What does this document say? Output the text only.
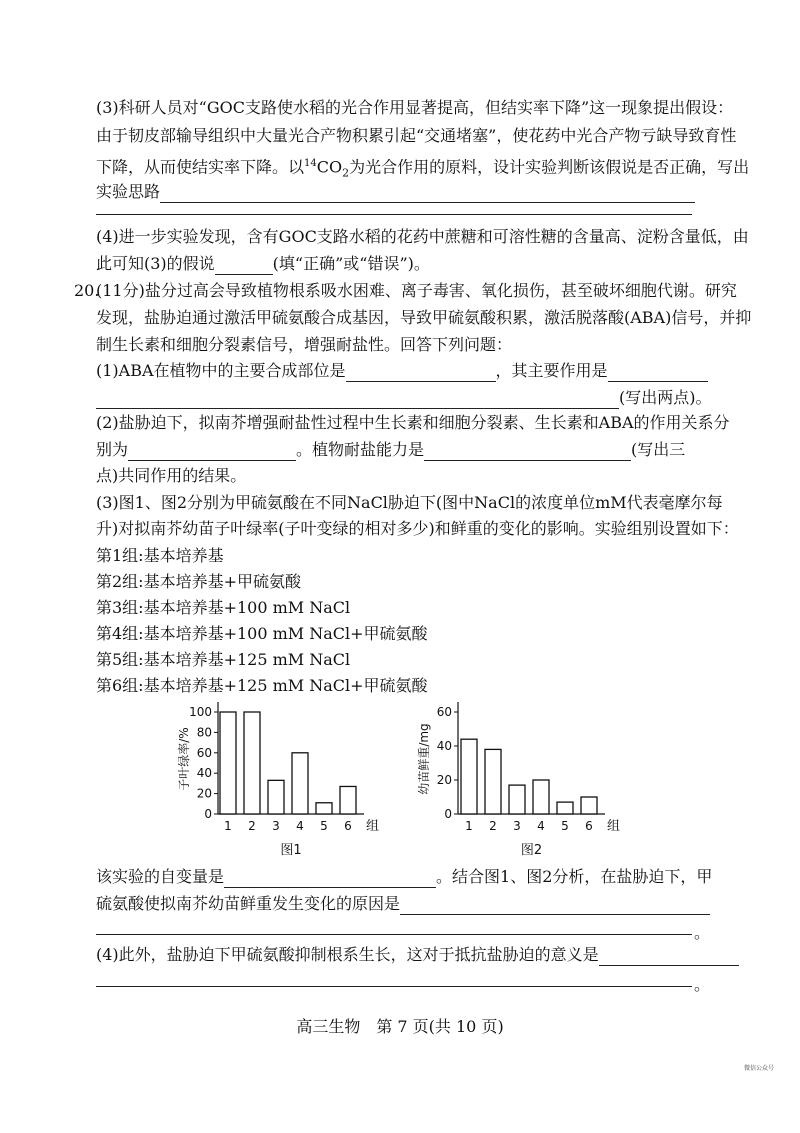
(3)科研人员对“GOC支路使水稻的光合作用显著提高，但结实率下降”这一现象提出假设：
由于韧皮部输导组织中大量光合产物积累引起“交通堵塞”，使花药中光合产物亏缺导致育性
下降，从而使结实率下降。以$^{14}CO_2$为光合作用的原料，设计实验判断该假说是否正确，写出
实验思路
(4)进一步实验发现，含有GOC支路水稻的花药中蔗糖和可溶性糖的含量高、淀粉含量低，由
此可知(3)的假说	(填“正确”或“错误”)。
20.
(11分)盐分过高会导致植物根系吸水困难、离子毒害、氧化损伤，甚至破坏细胞代谢。研究
发现，盐胁迫通过激活甲硫氨酸合成基因，导致甲硫氨酸积累，激活脱落酸(ABA)信号，并抑
制生长素和细胞分裂素信号，增强耐盐性。回答下列问题：
(1)ABA在植物中的主要合成部位是	，其主要作用是
(写出两点)。
(2)盐胁迫下，拟南芥增强耐盐性过程中生长素和细胞分裂素、生长素和ABA的作用关系分
别为	。植物耐盐能力是	(写出三
点)共同作用的结果。
(3)图1、图2分别为甲硫氨酸在不同NaCl胁迫下(图中NaCl的浓度单位mM代表毫摩尔每
升)对拟南芥幼苗子叶绿率(子叶变绿的相对多少)和鲜重的变化的影响。实验组别设置如下：
第1组:基本培养基
第2组:基本培养基+甲硫氨酸
第3组:基本培养基+100 mM NaCl
第4组:基本培养基+100 mM NaCl+甲硫氨酸
第5组:基本培养基+125 mM NaCl
第6组:基本培养基+125 mM NaCl+甲硫氨酸
0
20
40
60
80
100
1 2 3 4 5 6 组
子叶绿率/%
图1
0
20
40
60
1 2 3 4 5 6 组
幼苗鲜重/mg
图2
该实验的自变量是	。结合图1、图2分析，在盐胁迫下，甲
硫氨酸使拟南芥幼苗鲜重发生变化的原因是
。
(4)此外，盐胁迫下甲硫氨酸抑制根系生长，这对于抵抗盐胁迫的意义是
。
高三生物　第 7 页(共 10 页)
微信公众号
